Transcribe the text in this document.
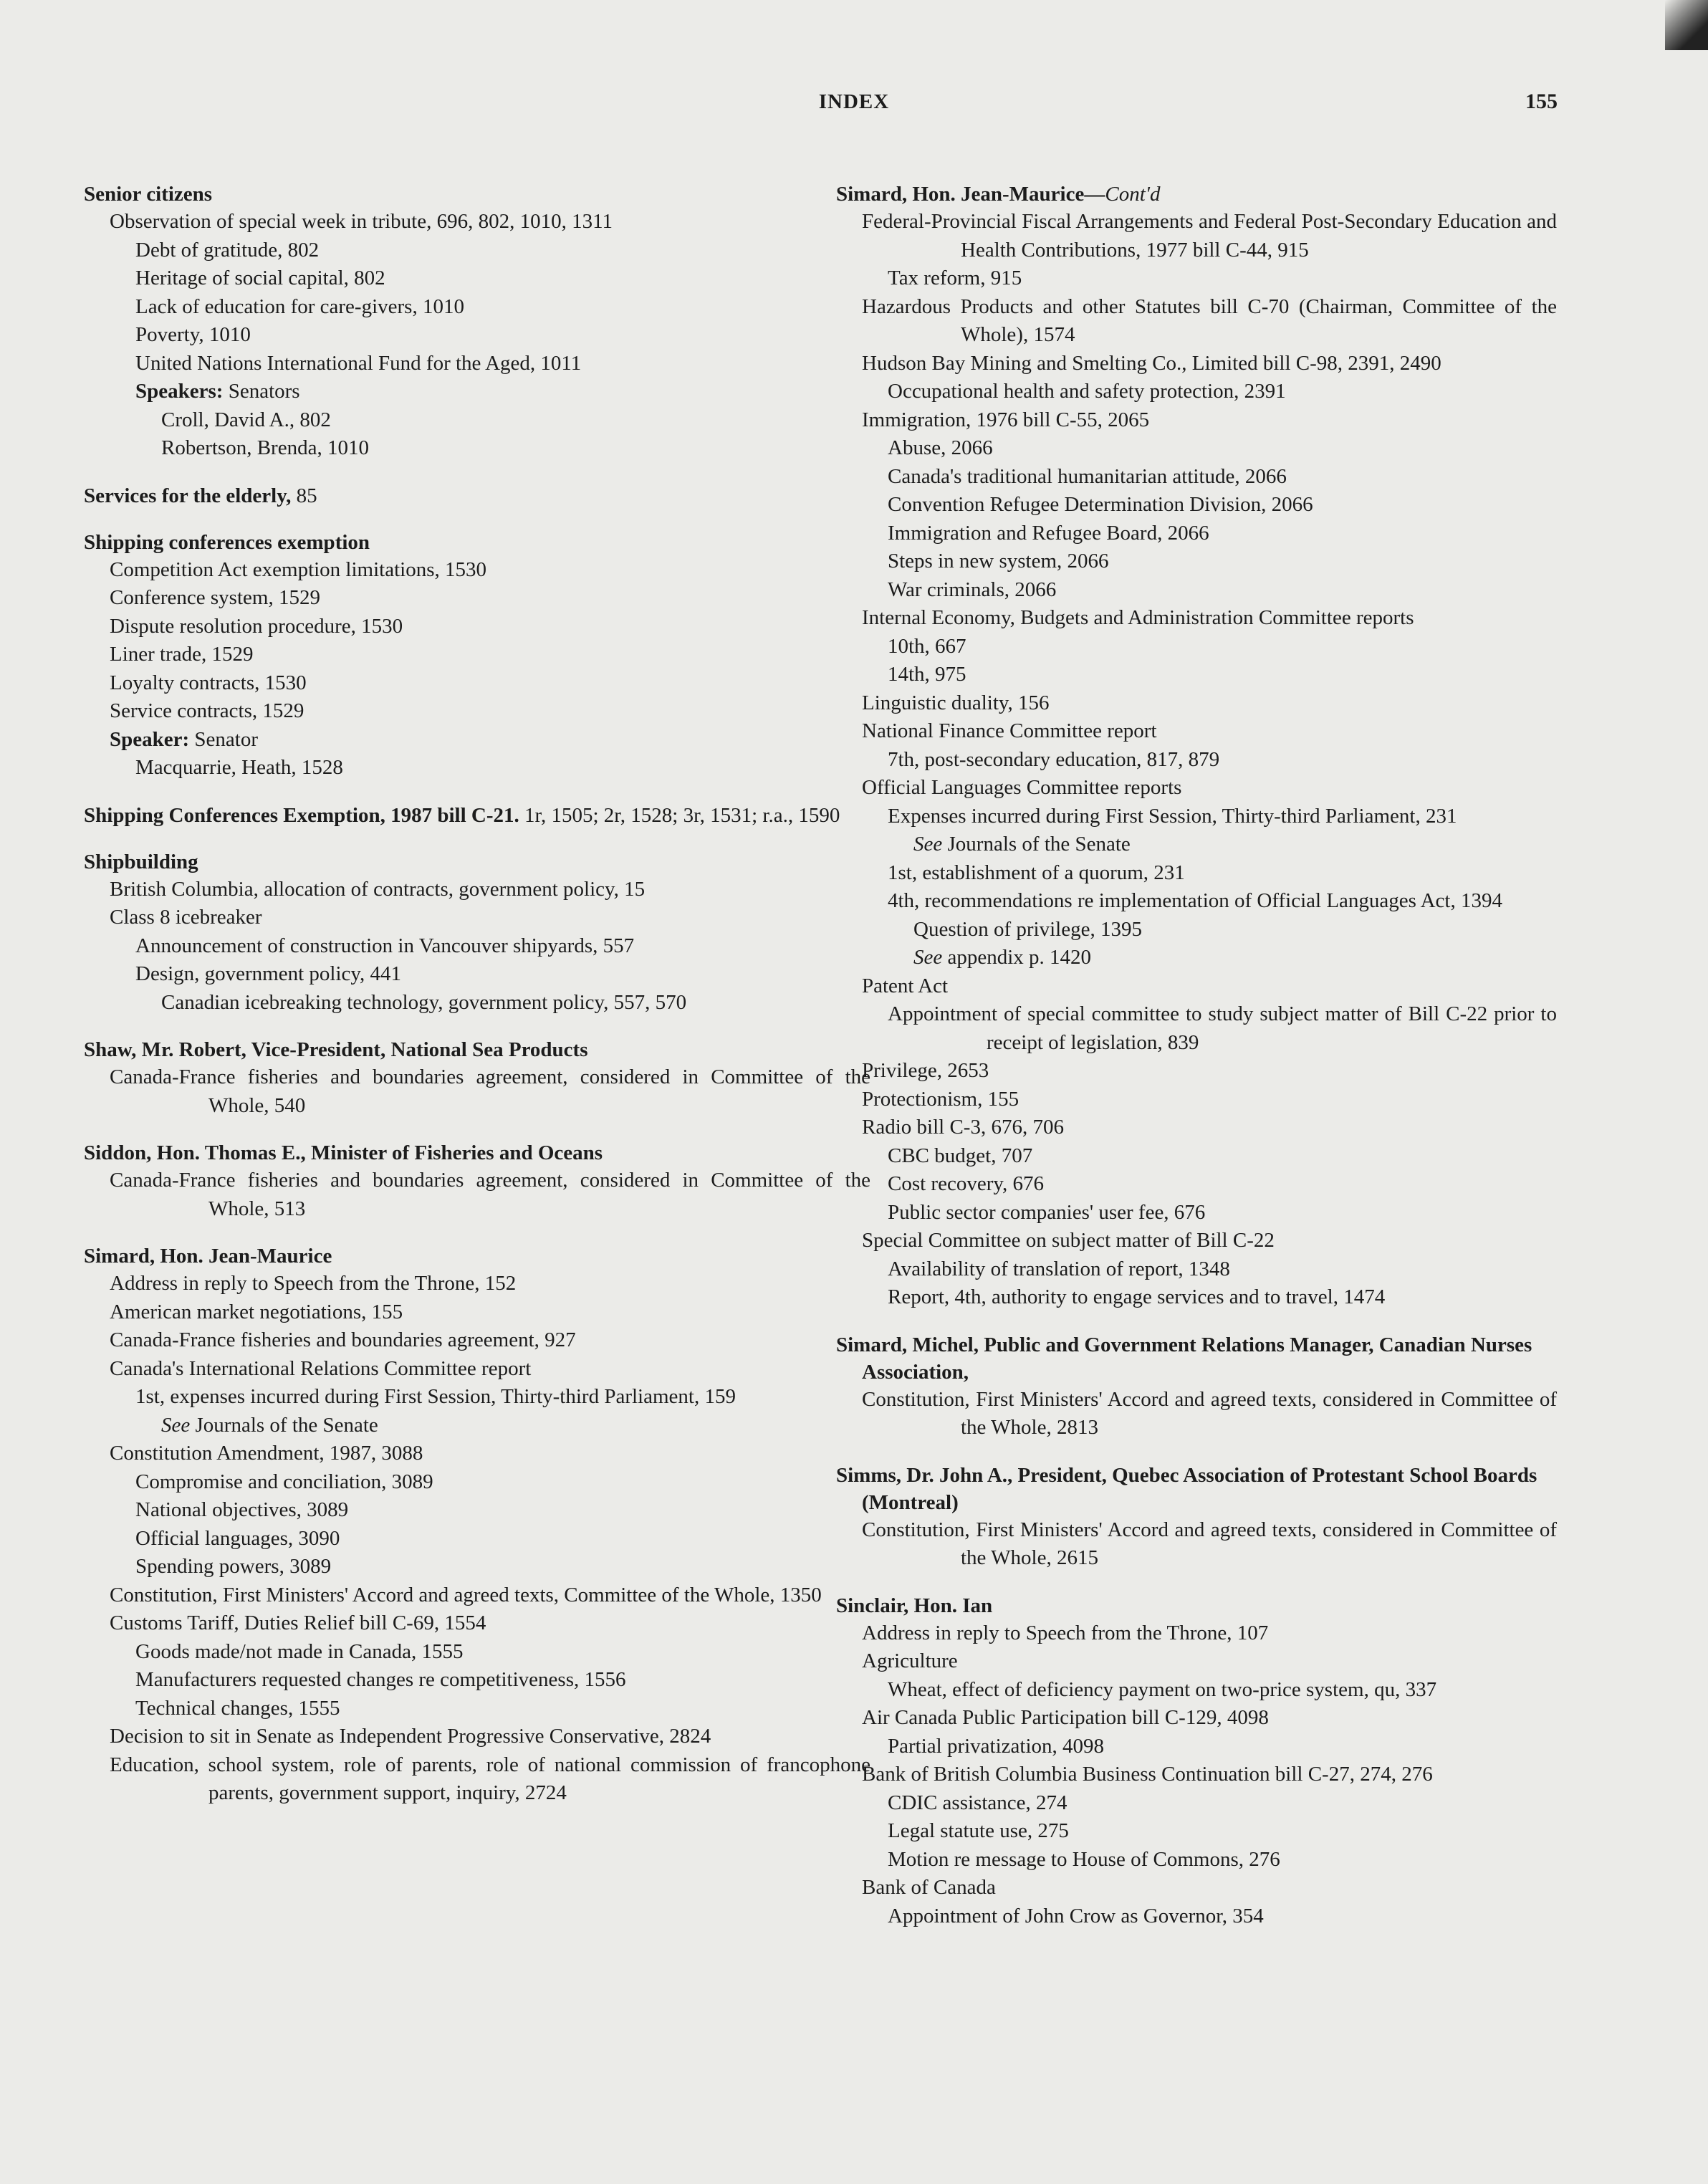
INDEX	155
Senior citizens
Observation of special week in tribute, 696, 802, 1010, 1311
Debt of gratitude, 802
Heritage of social capital, 802
Lack of education for care-givers, 1010
Poverty, 1010
United Nations International Fund for the Aged, 1011
Speakers: Senators
Croll, David A., 802
Robertson, Brenda, 1010
Services for the elderly, 85
Shipping conferences exemption
Competition Act exemption limitations, 1530
Conference system, 1529
Dispute resolution procedure, 1530
Liner trade, 1529
Loyalty contracts, 1530
Service contracts, 1529
Speaker: Senator
Macquarrie, Heath, 1528
Shipping Conferences Exemption, 1987 bill C-21. 1r, 1505; 2r, 1528; 3r, 1531; r.a., 1590
Shipbuilding
British Columbia, allocation of contracts, government policy, 15
Class 8 icebreaker
Announcement of construction in Vancouver shipyards, 557
Design, government policy, 441
Canadian icebreaking technology, government policy, 557, 570
Shaw, Mr. Robert, Vice-President, National Sea Products
Canada-France fisheries and boundaries agreement, considered in Committee of the Whole, 540
Siddon, Hon. Thomas E., Minister of Fisheries and Oceans
Canada-France fisheries and boundaries agreement, considered in Committee of the Whole, 513
Simard, Hon. Jean-Maurice
Address in reply to Speech from the Throne, 152
American market negotiations, 155
Canada-France fisheries and boundaries agreement, 927
Canada's International Relations Committee report
1st, expenses incurred during First Session, Thirty-third Parliament, 159
See Journals of the Senate
Constitution Amendment, 1987, 3088
Compromise and conciliation, 3089
National objectives, 3089
Official languages, 3090
Spending powers, 3089
Constitution, First Ministers' Accord and agreed texts, Committee of the Whole, 1350
Customs Tariff, Duties Relief bill C-69, 1554
Goods made/not made in Canada, 1555
Manufacturers requested changes re competitiveness, 1556
Technical changes, 1555
Decision to sit in Senate as Independent Progressive Conservative, 2824
Education, school system, role of parents, role of national commission of francophone parents, government support, inquiry, 2724
Simard, Hon. Jean-Maurice—Cont'd
Federal-Provincial Fiscal Arrangements and Federal Post-Secondary Education and Health Contributions, 1977 bill C-44, 915
Tax reform, 915
Hazardous Products and other Statutes bill C-70 (Chairman, Committee of the Whole), 1574
Hudson Bay Mining and Smelting Co., Limited bill C-98, 2391, 2490
Occupational health and safety protection, 2391
Immigration, 1976 bill C-55, 2065
Abuse, 2066
Canada's traditional humanitarian attitude, 2066
Convention Refugee Determination Division, 2066
Immigration and Refugee Board, 2066
Steps in new system, 2066
War criminals, 2066
Internal Economy, Budgets and Administration Committee reports
10th, 667
14th, 975
Linguistic duality, 156
National Finance Committee report
7th, post-secondary education, 817, 879
Official Languages Committee reports
Expenses incurred during First Session, Thirty-third Parliament, 231
See Journals of the Senate
1st, establishment of a quorum, 231
4th, recommendations re implementation of Official Languages Act, 1394
Question of privilege, 1395
See appendix p. 1420
Patent Act
Appointment of special committee to study subject matter of Bill C-22 prior to receipt of legislation, 839
Privilege, 2653
Protectionism, 155
Radio bill C-3, 676, 706
CBC budget, 707
Cost recovery, 676
Public sector companies' user fee, 676
Special Committee on subject matter of Bill C-22
Availability of translation of report, 1348
Report, 4th, authority to engage services and to travel, 1474
Simard, Michel, Public and Government Relations Manager, Canadian Nurses Association,
Constitution, First Ministers' Accord and agreed texts, considered in Committee of the Whole, 2813
Simms, Dr. John A., President, Quebec Association of Protestant School Boards (Montreal)
Constitution, First Ministers' Accord and agreed texts, considered in Committee of the Whole, 2615
Sinclair, Hon. Ian
Address in reply to Speech from the Throne, 107
Agriculture
Wheat, effect of deficiency payment on two-price system, qu, 337
Air Canada Public Participation bill C-129, 4098
Partial privatization, 4098
Bank of British Columbia Business Continuation bill C-27, 274, 276
CDIC assistance, 274
Legal statute use, 275
Motion re message to House of Commons, 276
Bank of Canada
Appointment of John Crow as Governor, 354
